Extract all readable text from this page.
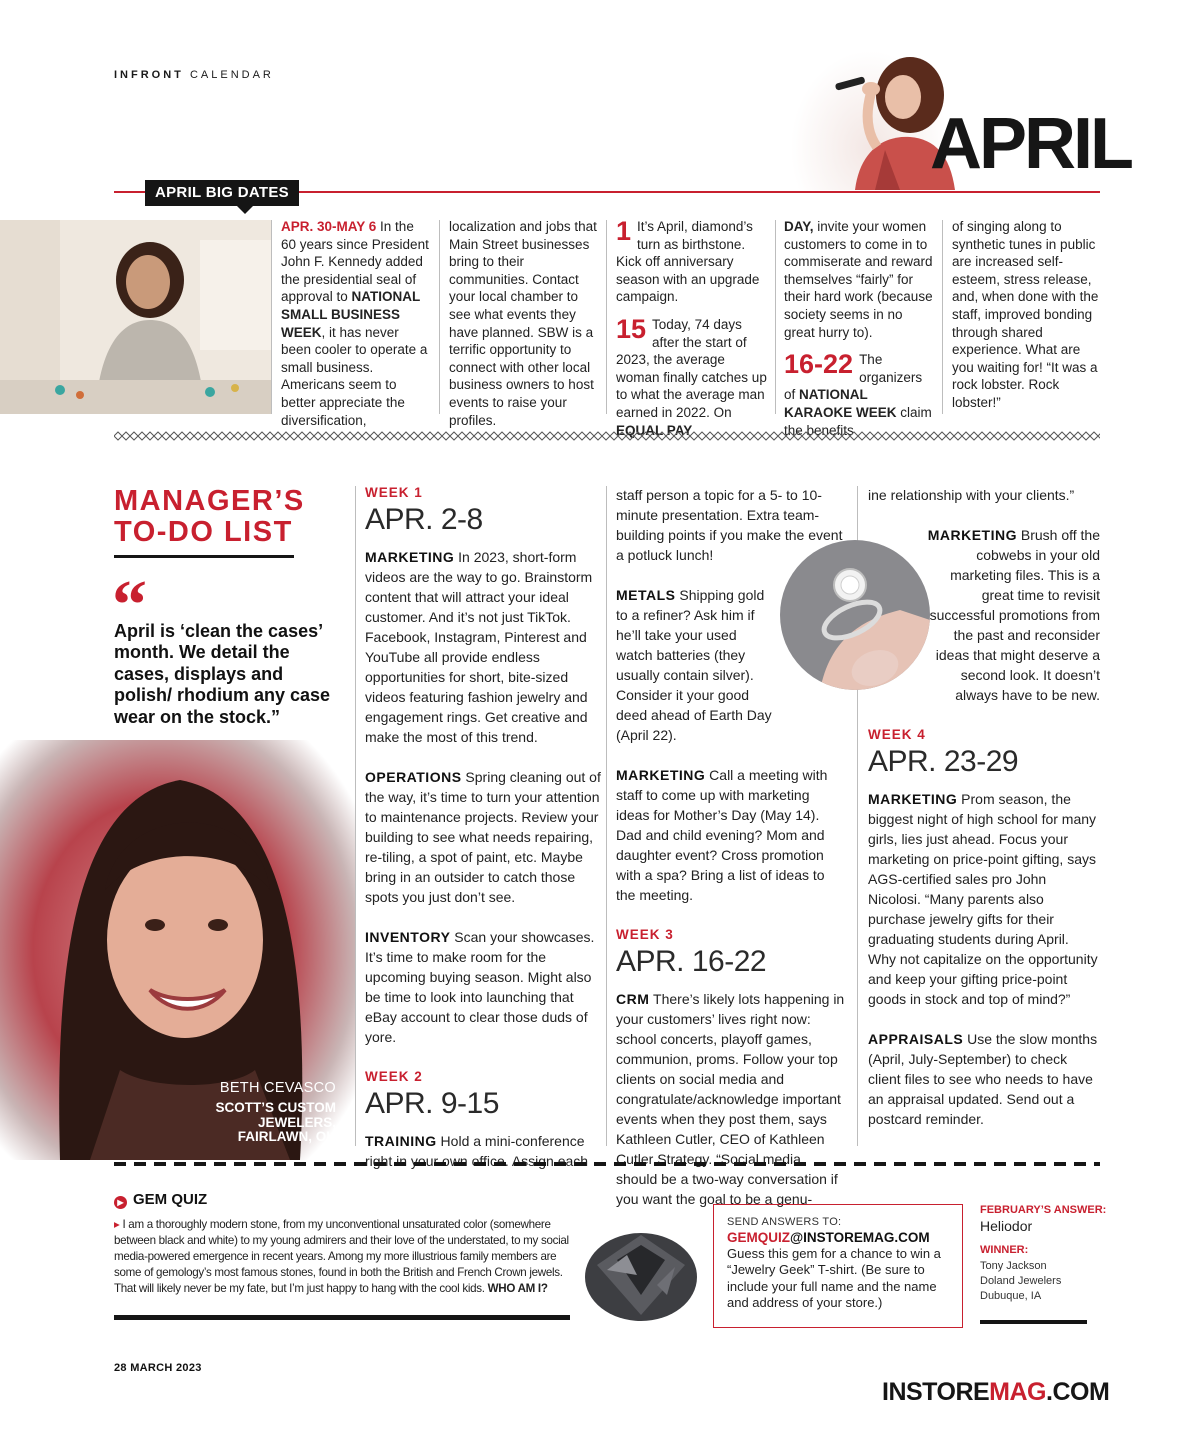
INFRONT CALENDAR
APRIL
APRIL BIG DATES
APR. 30-MAY 6 In the 60 years since President John F. Kennedy added the presidential seal of approval to NATIONAL SMALL BUSINESS WEEK, it has never been cooler to operate a small business. Americans seem to better appreciate the diversification,
localization and jobs that Main Street businesses bring to their communities. Contact your local chamber to see what events they have planned. SBW is a terrific opportunity to connect with other local business owners to host events to raise your profiles.
1 It’s April, diamond’s turn as birthstone. Kick off anniversary season with an upgrade campaign.
15 Today, 74 days after the start of 2023, the average woman finally catches up to what the average man earned in 2022. On
DAY, invite your women customers to come in to commiserate and reward themselves “fairly” for their hard work (because society seems in no great hurry to).
16-22 The organizers of NATIONAL KARAOKE WEEK claim
of singing along to synthetic tunes in public are increased self-esteem, stress release, and, when done with the staff, improved bonding through shared experience. What are you waiting for! “It was a rock lobster. Rock lobster!”
MANAGER’S
TO-DO LIST
“
April is ‘clean the cases’ month. We detail the cases, displays and polish/ rhodium any case wear on the stock.”
BETH CEVASCO
SCOTT’S CUSTOM
JEWELERS,
FAIRLAWN, OH
WEEK 1
APR. 2-8
MARKETING In 2023, short-form videos are the way to go. Brainstorm content that will attract your ideal customer. And it’s not just TikTok. Facebook, Instagram, Pinterest and YouTube all provide endless opportunities for short, bite-sized videos featuring fashion jewelry and engagement rings. Get creative and make the most of this trend.
OPERATIONS Spring cleaning out of the way, it’s time to turn your attention to maintenance projects. Review your building to see what needs repairing, re-tiling, a spot of paint, etc. Maybe bring in an outsider to catch those spots you just don’t see.
INVENTORY Scan your showcases. It’s time to make room for the upcoming buying season. Might also be time to look into launching that eBay account to clear those duds of yore.
WEEK 2
APR. 9-15
TRAINING Hold a mini-conference right in your own office. Assign each
staff person a topic for a 5- to 10-minute presentation. Extra team-building points if you make the event a potluck lunch!
METALS Shipping gold to a refiner? Ask him if he’ll take your used watch batteries (they usually contain silver). Consider it your good deed ahead of Earth Day (April 22).
MARKETING Call a meeting with staff to come up with marketing ideas for Mother’s Day (May 14). Dad and child evening? Mom and daughter event? Cross promotion with a spa? Bring a list of ideas to the meeting.
WEEK 3
APR. 16-22
CRM There’s likely lots happening in your customers’ lives right now: school concerts, playoff games, communion, proms. Follow your top clients on social media and congratulate/acknowledge important events when they post them, says Kathleen Cutler, CEO of Kathleen Cutler Strategy. “Social media should be a two-way conversation if you want the goal to be a genu-
ine relationship with your clients.”
MARKETING Brush off the cobwebs in your old marketing files. This is a great time to revisit successful promotions from the past and reconsider ideas that might deserve a second look. It doesn’t always have to be new.
WEEK 4
APR. 23-29
MARKETING Prom season, the biggest night of high school for many girls, lies just ahead. Focus your marketing on price-point gifting, says AGS-certified sales pro John Nicolosi. “Many parents also purchase jewelry gifts for their graduating students during April. Why not capitalize on the opportunity and keep your gifting price-point goods in stock and top of mind?”
APPRAISALS Use the slow months (April, July-September) to check client files to see who needs to have an appraisal updated. Send out a postcard reminder.
▶ GEM QUIZ
▸ I am a thoroughly modern stone, from my unconventional unsaturated color (somewhere between black and white) to my young admirers and their love of the understated, to my social media-powered emergence in recent years. Among my more illustrious family members are some of gemology’s most famous stones, found in both the British and French Crown jewels. That will likely never be my fate, but I’m just happy to hang with the cool kids. WHO AM I?
SEND ANSWERS TO:
GEMQUIZ@INSTOREMAG.COM
Guess this gem for a chance to win a “Jewelry Geek” T-shirt. (Be sure to include your full name and the name and address of your store.)
FEBRUARY’S ANSWER:
Heliodor
WINNER:
Tony Jackson
Doland Jewelers
Dubuque, IA
28 MARCH 2023
INSTOREMAG.COM
